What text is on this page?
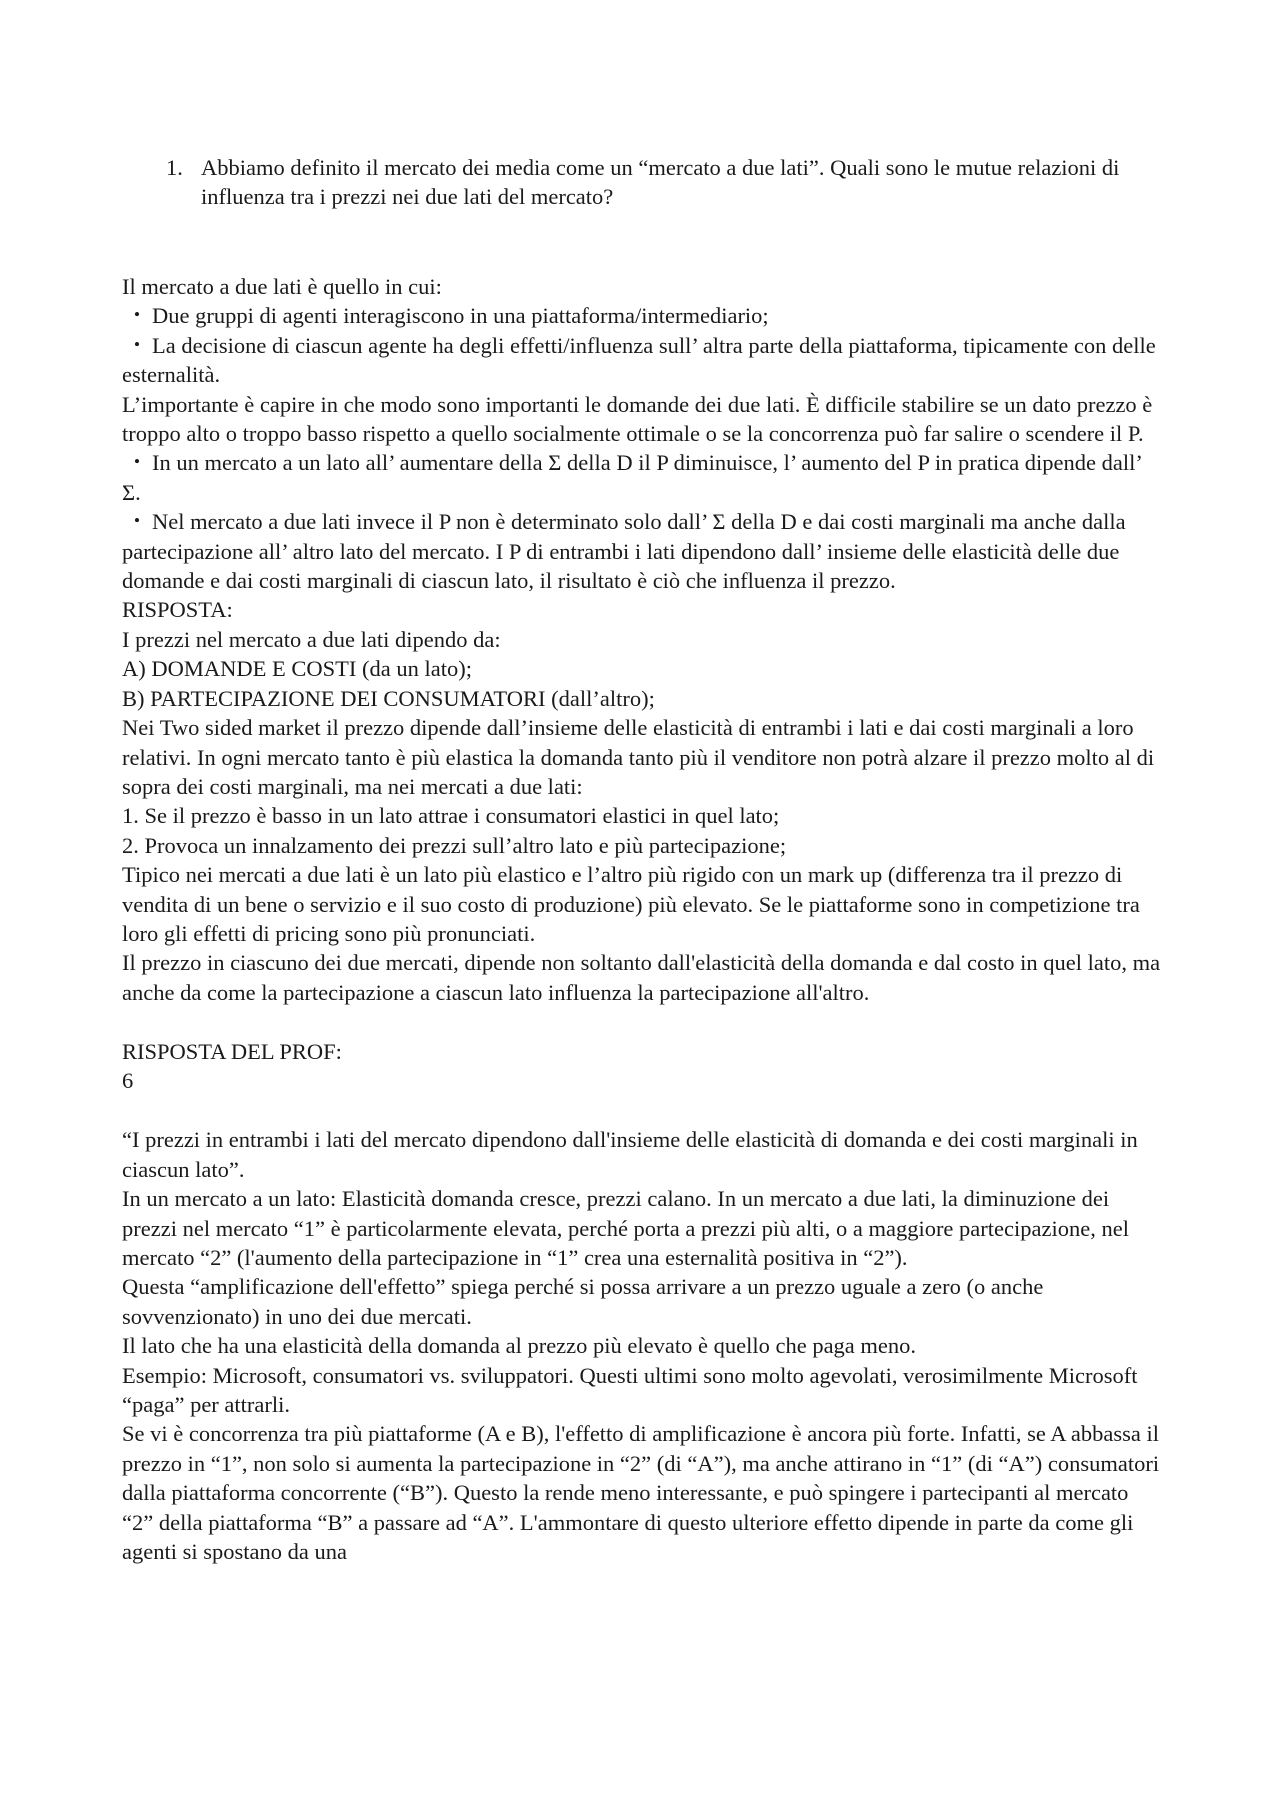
1. Abbiamo definito il mercato dei media come un “mercato a due lati”. Quali sono le mutue relazioni di influenza tra i prezzi nei due lati del mercato?

Il mercato a due lati è quello in cui:

・ Due gruppi di agenti interagiscono in una piattaforma/intermediario;

・ La decisione di ciascun agente ha degli effetti/influenza sull’ altra parte della piattaforma, tipicamente con delle esternalità.

L’importante è capire in che modo sono importanti le domande dei due lati. È difficile stabilire se un dato prezzo è troppo alto o troppo basso rispetto a quello socialmente ottimale o se la concorrenza può far salire o scendere il P.

・ In un mercato a un lato all’ aumentare della Σ della D il P diminuisce, l’ aumento del P in pratica dipende dall’ Σ.

・ Nel mercato a due lati invece il P non è determinato solo dall’ Σ della D e dai costi marginali ma anche dalla partecipazione all’ altro lato del mercato. I P di entrambi i lati dipendono dall’ insieme delle elasticità delle due domande e dai costi marginali di ciascun lato, il risultato è ciò che influenza il prezzo.

RISPOSTA:

I prezzi nel mercato a due lati dipendo da:

A) DOMANDE E COSTI (da un lato);

B) PARTECIPAZIONE DEI CONSUMATORI (dall’altro);

Nei Two sided market il prezzo dipende dall’insieme delle elasticità di entrambi i lati e dai costi marginali a loro relativi. In ogni mercato tanto è più elastica la domanda tanto più il venditore non potrà alzare il prezzo molto al di sopra dei costi marginali, ma nei mercati a due lati:

1. Se il prezzo è basso in un lato attrae i consumatori elastici in quel lato;

2. Provoca un innalzamento dei prezzi sull’altro lato e più partecipazione;

Tipico nei mercati a due lati è un lato più elastico e l’altro più rigido con un mark up (differenza tra il prezzo di vendita di un bene o servizio e il suo costo di produzione) più elevato. Se le piattaforme sono in competizione tra loro gli effetti di pricing sono più pronunciati.

Il prezzo in ciascuno dei due mercati, dipende non soltanto dall'elasticità della domanda e dal costo in quel lato, ma anche da come la partecipazione a ciascun lato influenza la partecipazione all'altro.

RISPOSTA DEL PROF:

6

“I prezzi in entrambi i lati del mercato dipendono dall'insieme delle elasticità di domanda e dei costi marginali in ciascun lato”.

In un mercato a un lato: Elasticità domanda cresce, prezzi calano. In un mercato a due lati, la diminuzione dei prezzi nel mercato “1” è particolarmente elevata, perché porta a prezzi più alti, o a maggiore partecipazione, nel mercato “2” (l'aumento della partecipazione in “1” crea una esternalità positiva in “2”).

Questa “amplificazione dell'effetto” spiega perché si possa arrivare a un prezzo uguale a zero (o anche sovvenzionato) in uno dei due mercati.

Il lato che ha una elasticità della domanda al prezzo più elevato è quello che paga meno.

Esempio: Microsoft, consumatori vs. sviluppatori. Questi ultimi sono molto agevolati, verosimilmente Microsoft “paga” per attrarli.

Se vi è concorrenza tra più piattaforme (A e B), l'effetto di amplificazione è ancora più forte. Infatti, se A abbassa il prezzo in “1”, non solo si aumenta la partecipazione in “2” (di “A”), ma anche attirano in “1” (di “A”) consumatori dalla piattaforma concorrente (“B”). Questo la rende meno interessante, e può spingere i partecipanti al mercato “2” della piattaforma “B” a passare ad “A”. L'ammontare di questo ulteriore effetto dipende in parte da come gli agenti si spostano da una
